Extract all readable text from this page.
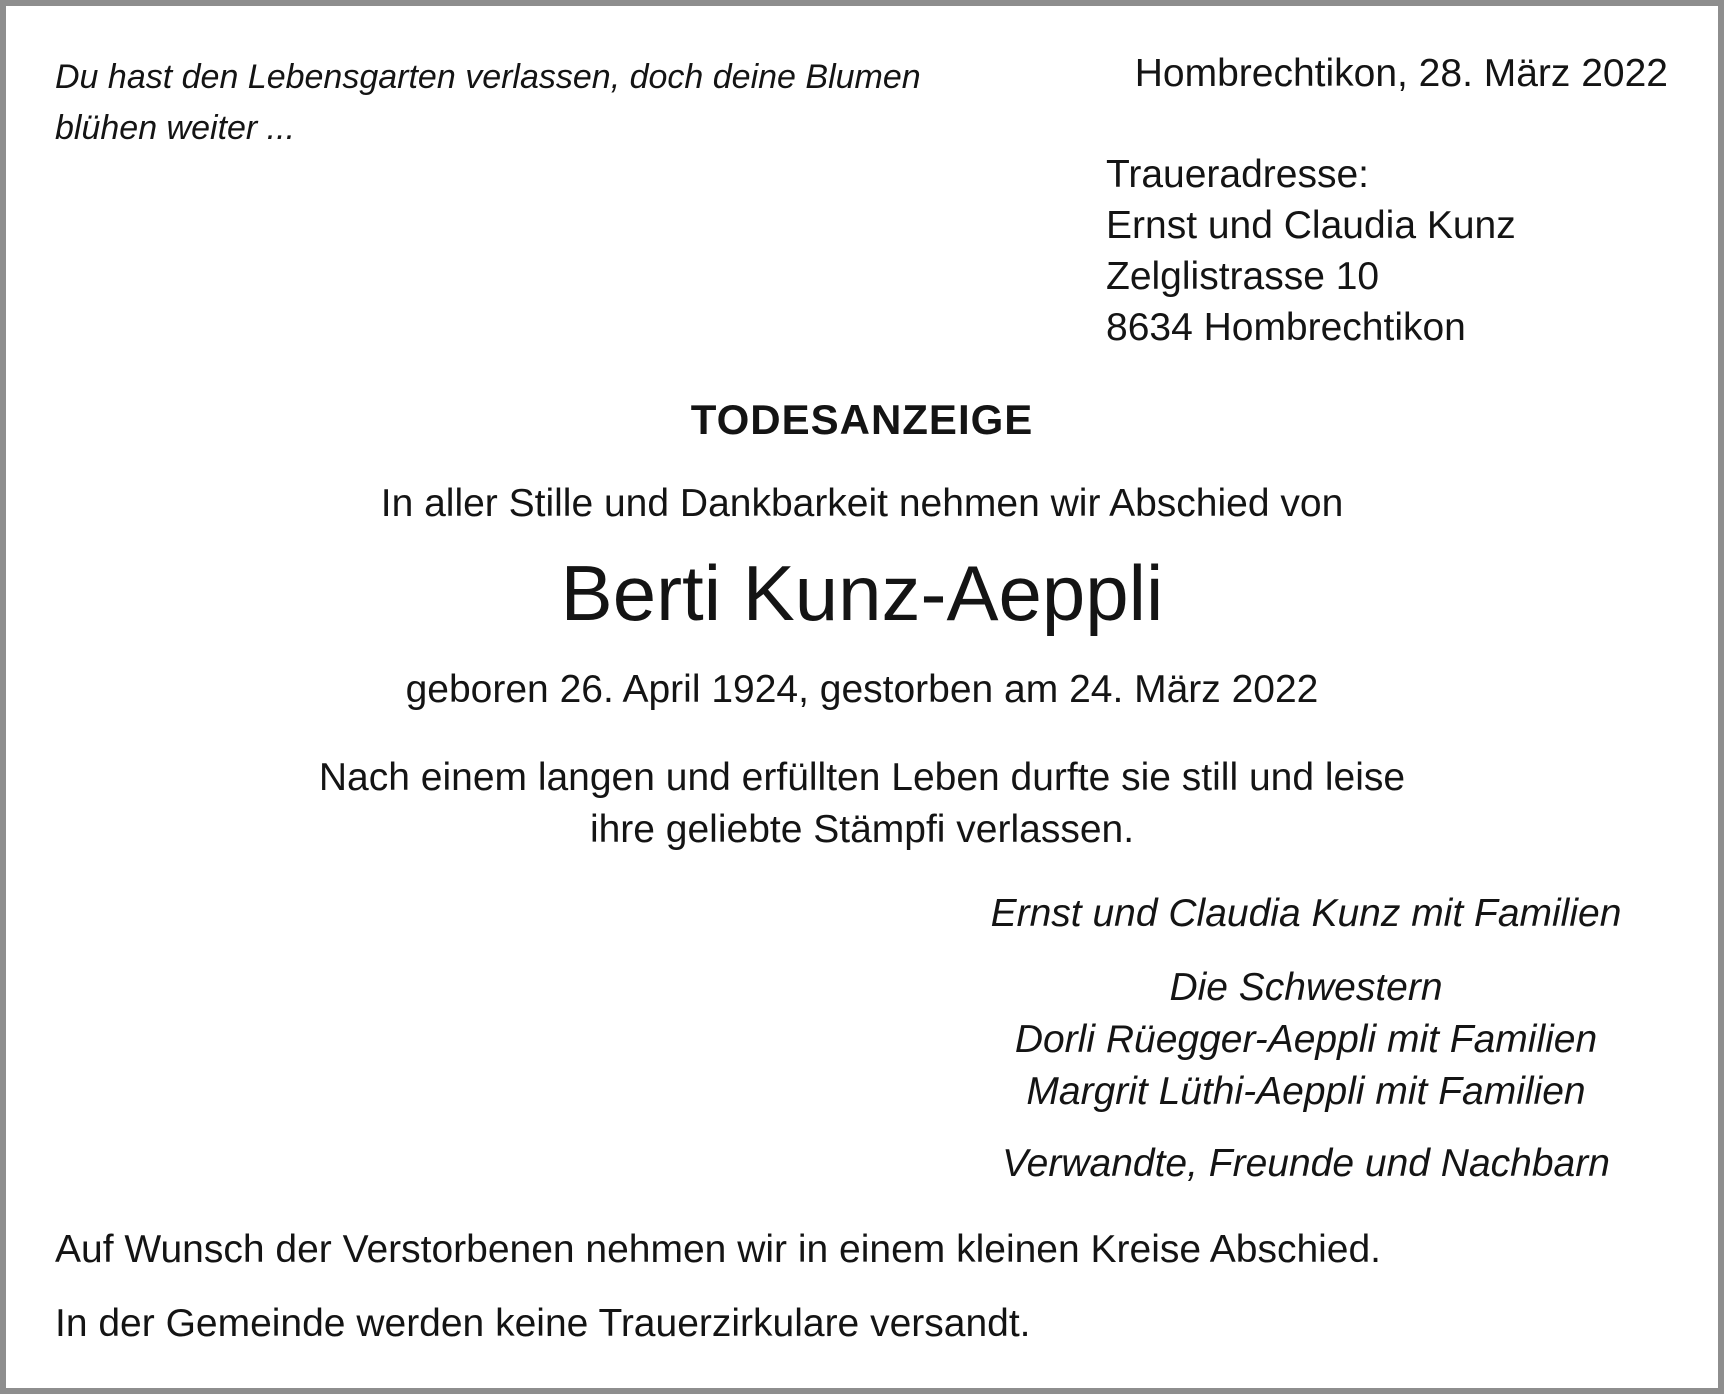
Du hast den Lebensgarten verlassen, doch deine Blumen
blühen weiter ...
Hombrechtikon, 28. März 2022
Traueradresse:
Ernst und Claudia Kunz
Zelglistrasse 10
8634 Hombrechtikon
TODESANZEIGE
In aller Stille und Dankbarkeit nehmen wir Abschied von
Berti Kunz-Aeppli
geboren 26. April 1924, gestorben am 24. März 2022
Nach einem langen und erfüllten Leben durfte sie still und leise
ihre geliebte Stämpfi verlassen.
Ernst und Claudia Kunz mit Familien
Die Schwestern
Dorli Rüegger-Aeppli mit Familien
Margrit Lüthi-Aeppli mit Familien
Verwandte, Freunde und Nachbarn
Auf Wunsch der Verstorbenen nehmen wir in einem kleinen Kreise Abschied.
In der Gemeinde werden keine Trauerzirkulare versandt.
